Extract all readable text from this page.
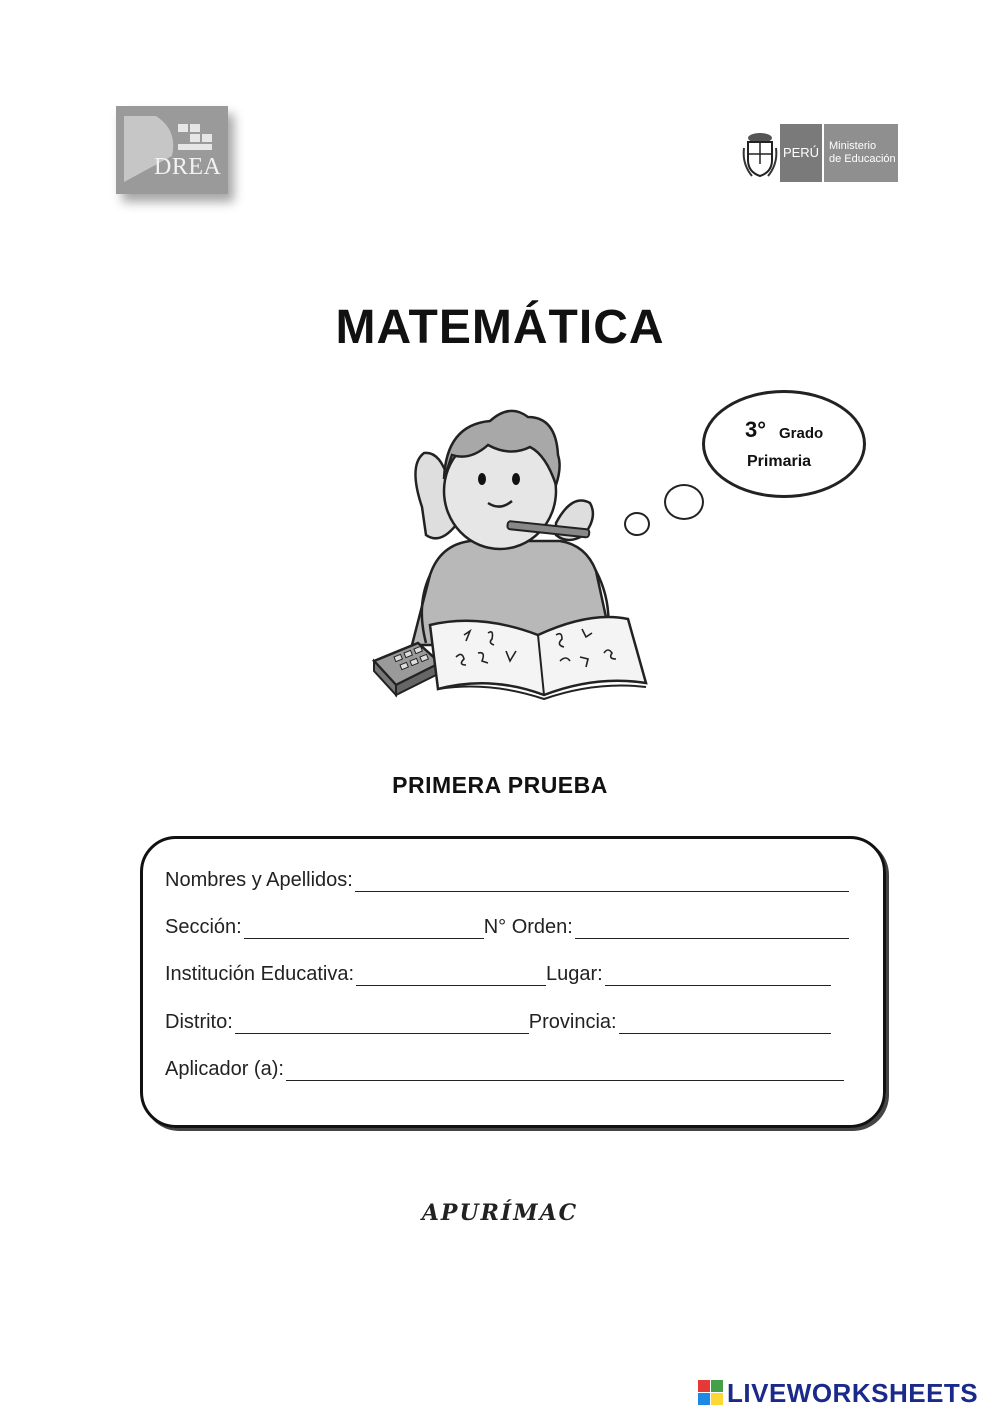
DREA
PERÚ Ministerio
de Educación
MATEMÁTICA
3° Grado
Primaria
PRIMERA PRUEBA
Nombres y Apellidos:
Sección:	N° Orden:
Institución Educativa:	Lugar:
Distrito:	Provincia:
Aplicador (a):
APURÍMAC
LIVEWORKSHEETS
